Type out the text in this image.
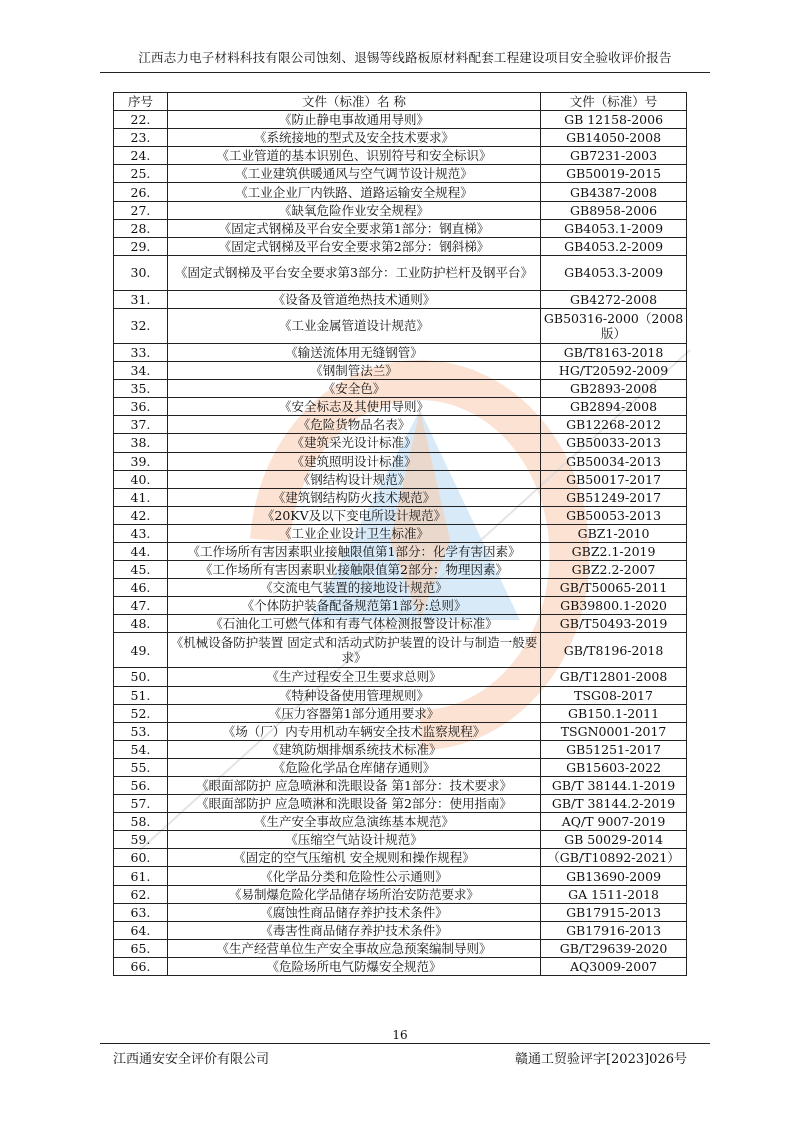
江西志力电子材料科技有限公司蚀刻、退锡等线路板原材料配套工程建设项目安全验收评价报告
序号	文件（标准）名 称	文件（标准）号
22.	《防止静电事故通用导则》	GB 12158-2006
23.	《系统接地的型式及安全技术要求》	GB14050-2008
24.	《工业管道的基本识别色、识别符号和安全标识》	GB7231-2003
25.	《工业建筑供暖通风与空气调节设计规范》	GB50019-2015
26.	《工业企业厂内铁路、道路运输安全规程》	GB4387-2008
27.	《缺氧危险作业安全规程》	GB8958-2006
28.	《固定式钢梯及平台安全要求第1部分：钢直梯》	GB4053.1-2009
29.	《固定式钢梯及平台安全要求第2部分：钢斜梯》	GB4053.2-2009
30.	《固定式钢梯及平台安全要求第3部分：工业防护栏杆及钢平台》	GB4053.3-2009
31.	《设备及管道绝热技术通则》	GB4272-2008
32.	《工业金属管道设计规范》	GB50316-2000（2008版）
33.	《输送流体用无缝钢管》	GB/T8163-2018
34.	《钢制管法兰》	HG/T20592-2009
35.	《安全色》	GB2893-2008
36.	《安全标志及其使用导则》	GB2894-2008
37.	《危险货物品名表》	GB12268-2012
38.	《建筑采光设计标准》	GB50033-2013
39.	《建筑照明设计标准》	GB50034-2013
40.	《钢结构设计规范》	GB50017-2017
41.	《建筑钢结构防火技术规范》	GB51249-2017
42.	《20KV及以下变电所设计规范》	GB50053-2013
43.	《工业企业设计卫生标准》	GBZ1-2010
44.	《工作场所有害因素职业接触限值第1部分：化学有害因素》	GBZ2.1-2019
45.	《工作场所有害因素职业接触限值第2部分：物理因素》	GBZ2.2-2007
46.	《交流电气装置的接地设计规范》	GB/T50065-2011
47.	《个体防护装备配备规范第1部分:总则》	GB39800.1-2020
48.	《石油化工可燃气体和有毒气体检测报警设计标准》	GB/T50493-2019
49.	《机械设备防护装置 固定式和活动式防护装置的设计与制造一般要求》	GB/T8196-2018
50.	《生产过程安全卫生要求总则》	GB/T12801-2008
51.	《特种设备使用管理规则》	TSG08-2017
52.	《压力容器第1部分通用要求》	GB150.1-2011
53.	《场（厂）内专用机动车辆安全技术监察规程》	TSGN0001-2017
54.	《建筑防烟排烟系统技术标准》	GB51251-2017
55.	《危险化学品仓库储存通则》	GB15603-2022
56.	《眼面部防护 应急喷淋和洗眼设备 第1部分：技术要求》	GB/T 38144.1-2019
57.	《眼面部防护 应急喷淋和洗眼设备 第2部分：使用指南》	GB/T 38144.2-2019
58.	《生产安全事故应急演练基本规范》	AQ/T 9007-2019
59.	《压缩空气站设计规范》	GB 50029-2014
60.	《固定的空气压缩机 安全规则和操作规程》	（GB/T10892-2021）
61.	《化学品分类和危险性公示通则》	GB13690-2009
62.	《易制爆危险化学品储存场所治安防范要求》	GA 1511-2018
63.	《腐蚀性商品储存养护技术条件》	GB17915-2013
64.	《毒害性商品储存养护技术条件》	GB17916-2013
65.	《生产经营单位生产安全事故应急预案编制导则》	GB/T29639-2020
66.	《危险场所电气防爆安全规范》	AQ3009-2007
16
江西通安安全评价有限公司	赣通工贸验评字[2023]026号
